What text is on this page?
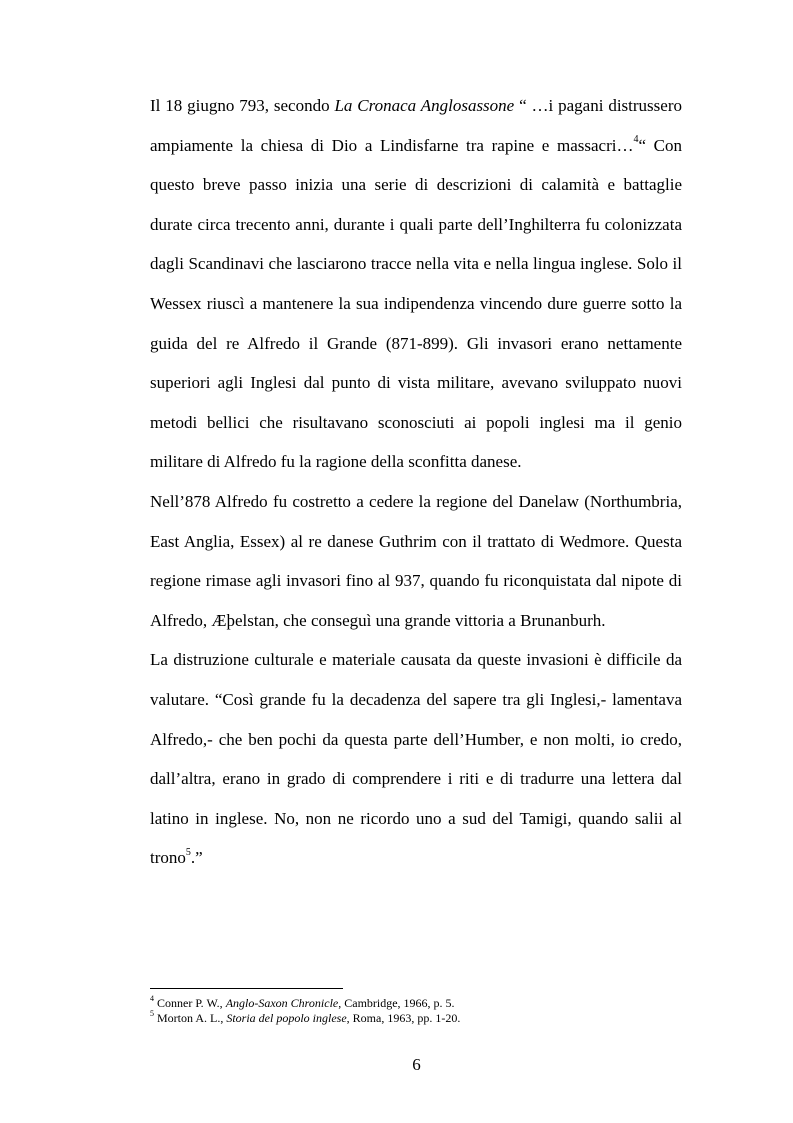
Il 18 giugno 793, secondo La Cronaca Anglosassone “ …i pagani distrussero ampiamente la chiesa di Dio a Lindisfarne tra rapine e massacri…$^4$“ Con questo breve passo inizia una serie di descrizioni di calamità e battaglie durate circa trecento anni, durante i quali parte dell’Inghilterra fu colonizzata dagli Scandinavi che lasciarono tracce nella vita e nella lingua inglese. Solo il Wessex riuscì a mantenere la sua indipendenza vincendo dure guerre sotto la guida del re Alfredo il Grande (871-899). Gli invasori erano nettamente superiori agli Inglesi dal punto di vista militare, avevano sviluppato nuovi metodi bellici che risultavano sconosciuti ai popoli inglesi ma il genio militare di Alfredo fu la ragione della sconfitta danese.

Nell’878 Alfredo fu costretto a cedere la regione del Danelaw (Northumbria, East Anglia, Essex) al re danese Guthrim con il trattato di Wedmore. Questa regione rimase agli invasori fino al 937, quando fu riconquistata dal nipote di Alfredo, Æþelstan, che conseguì una grande vittoria a Brunanburh.

La distruzione culturale e materiale causata da queste invasioni è difficile da valutare. “Così grande fu la decadenza del sapere tra gli Inglesi,- lamentava Alfredo,- che ben pochi da questa parte dell’Humber, e non molti, io credo, dall’altra, erano in grado di comprendere i riti e di tradurre una lettera dal latino in inglese. No, non ne ricordo uno a sud del Tamigi, quando salii al trono$^5$.”

$^4$ Conner P. W., Anglo-Saxon Chronicle, Cambridge, 1966, p. 5.

$^5$ Morton A. L., Storia del popolo inglese, Roma, 1963, pp. 1-20.

6
